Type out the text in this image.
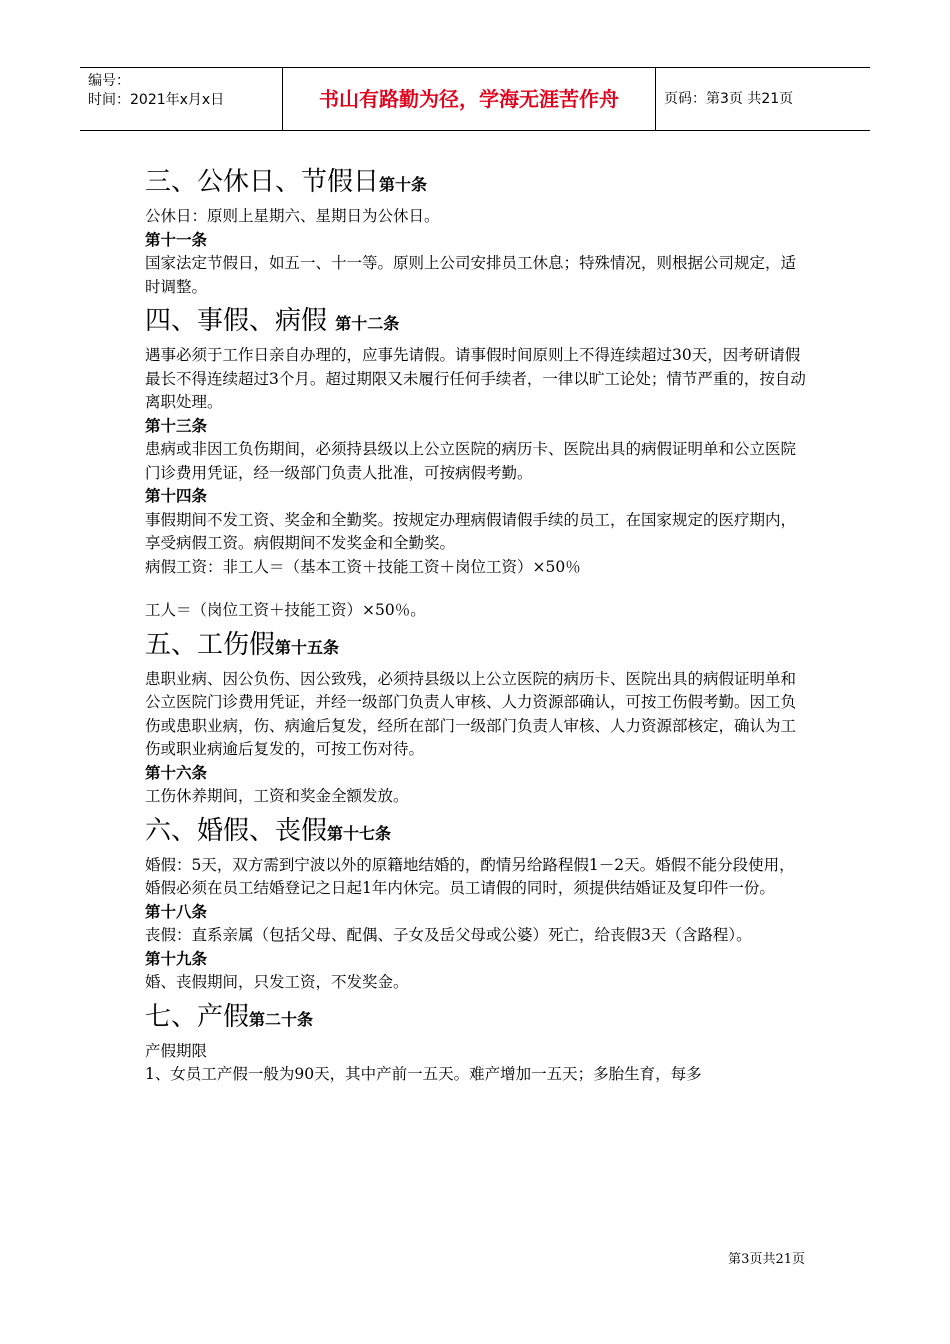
编号：
时间：2021年x月x日	书山有路勤为径，学海无涯苦作舟	页码：第3页 共21页

三、公休日、节假日第十条

公休日：原则上星期六、星期日为公休日。

第十一条

国家法定节假日，如五一、十一等。原则上公司安排员工休息；特殊情况，则根据公司规定，适时调整。

四、事假、病假 第十二条

遇事必须于工作日亲自办理的，应事先请假。请事假时间原则上不得连续超过30天，因考研请假最长不得连续超过3个月。超过期限又未履行任何手续者，一律以旷工论处；情节严重的，按自动离职处理。

第十三条

患病或非因工负伤期间，必须持县级以上公立医院的病历卡、医院出具的病假证明单和公立医院门诊费用凭证，经一级部门负责人批准，可按病假考勤。

第十四条

事假期间不发工资、奖金和全勤奖。按规定办理病假请假手续的员工，在国家规定的医疗期内，享受病假工资。病假期间不发奖金和全勤奖。

病假工资：非工人＝（基本工资＋技能工资＋岗位工资）×50％

工人＝（岗位工资＋技能工资）×50％。

五、工伤假第十五条

患职业病、因公负伤、因公致残，必须持县级以上公立医院的病历卡、医院出具的病假证明单和公立医院门诊费用凭证，并经一级部门负责人审核、人力资源部确认，可按工伤假考勤。因工负伤或患职业病，伤、病逾后复发，经所在部门一级部门负责人审核、人力资源部核定，确认为工伤或职业病逾后复发的，可按工伤对待。

第十六条

工伤休养期间，工资和奖金全额发放。

六、婚假、丧假第十七条

婚假：5天，双方需到宁波以外的原籍地结婚的，酌情另给路程假1－2天。婚假不能分段使用，婚假必须在员工结婚登记之日起1年内休完。员工请假的同时，须提供结婚证及复印件一份。

第十八条

丧假：直系亲属（包括父母、配偶、子女及岳父母或公婆）死亡，给丧假3天（含路程）。

第十九条

婚、丧假期间，只发工资，不发奖金。

七、产假第二十条

产假期限

1、女员工产假一般为90天，其中产前一五天。难产增加一五天；多胎生育，每多

第3页共21页
